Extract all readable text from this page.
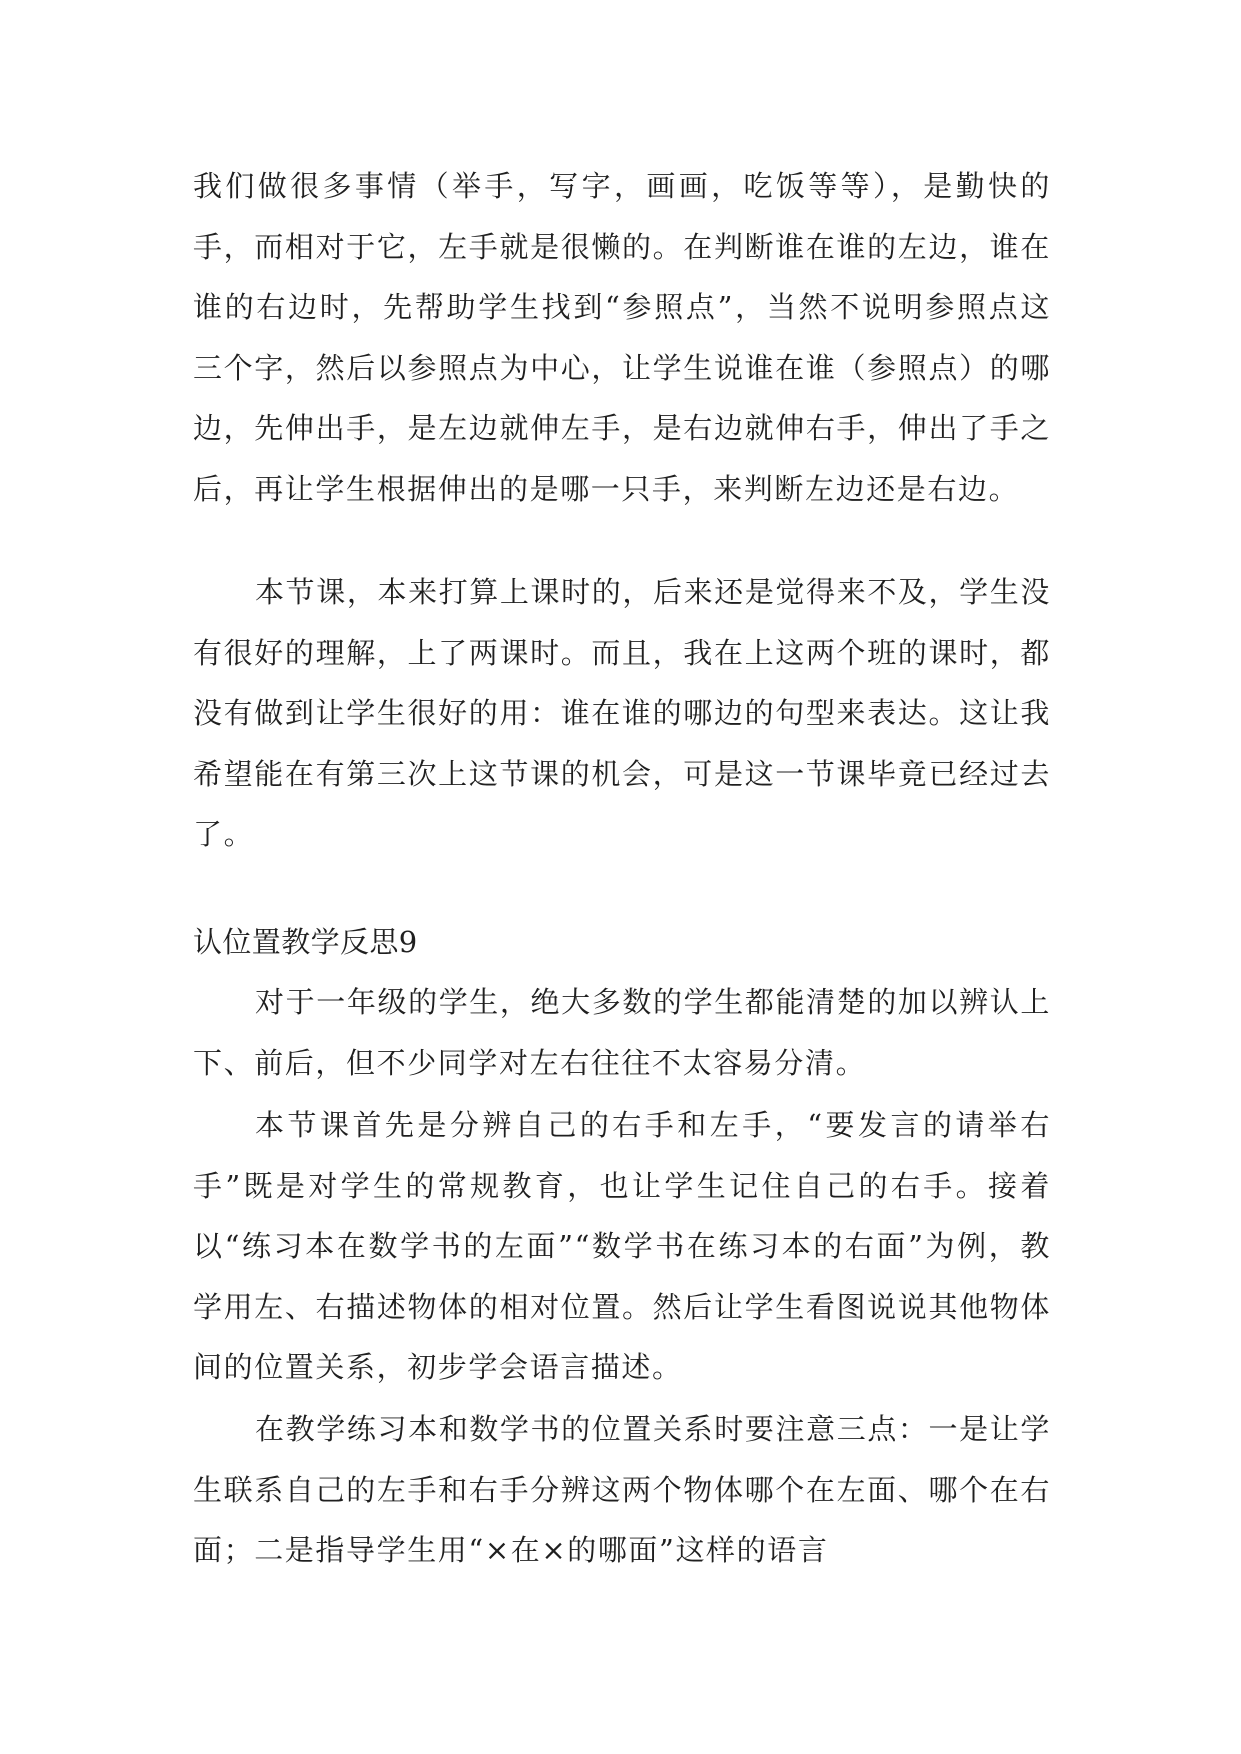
我们做很多事情（举手，写字，画画，吃饭等等），是勤快的手，而相对于它，左手就是很懒的。在判断谁在谁的左边，谁在谁的右边时，先帮助学生找到“参照点”，当然不说明参照点这三个字，然后以参照点为中心，让学生说谁在谁（参照点）的哪边，先伸出手，是左边就伸左手，是右边就伸右手，伸出了手之后，再让学生根据伸出的是哪一只手，来判断左边还是右边。

本节课，本来打算上课时的，后来还是觉得来不及，学生没有很好的理解，上了两课时。而且，我在上这两个班的课时，都没有做到让学生很好的用：谁在谁的哪边的句型来表达。这让我希望能在有第三次上这节课的机会，可是这一节课毕竟已经过去了。

认位置教学反思9

对于一年级的学生，绝大多数的学生都能清楚的加以辨认上下、前后，但不少同学对左右往往不太容易分清。

本节课首先是分辨自己的右手和左手，“要发言的请举右手”既是对学生的常规教育，也让学生记住自己的右手。接着以“练习本在数学书的左面”“数学书在练习本的右面”为例，教学用左、右描述物体的相对位置。然后让学生看图说说其他物体间的位置关系，初步学会语言描述。

在教学练习本和数学书的位置关系时要注意三点：一是让学生联系自己的左手和右手分辨这两个物体哪个在左面、哪个在右面；二是指导学生用“×在×的哪面”这样的语言
